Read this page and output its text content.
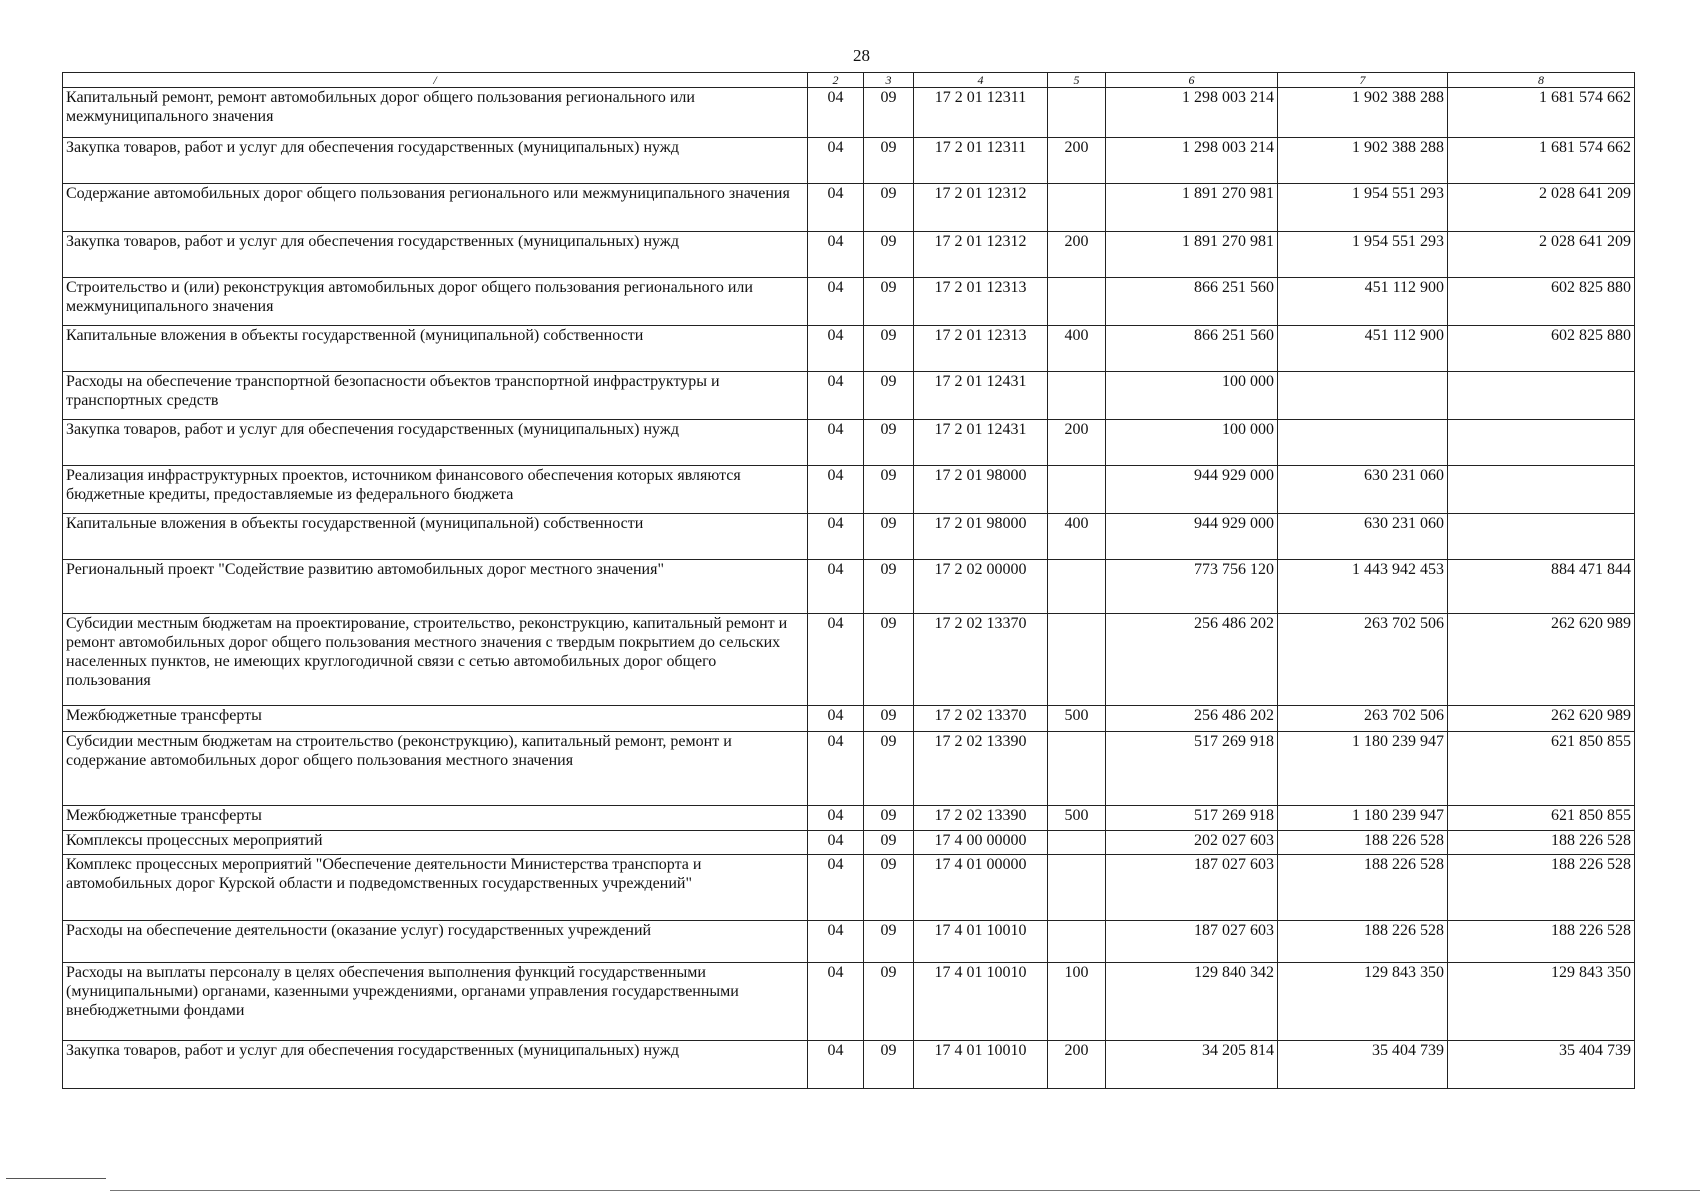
28
/	2	3	4	5	6	7	8
Капитальный ремонт, ремонт автомобильных дорог общего пользования регионального или межмуниципального значения	04	09	17 2 01 12311		1 298 003 214	1 902 388 288	1 681 574 662
Закупка товаров, работ и услуг для обеспечения государственных (муниципальных) нужд	04	09	17 2 01 12311	200	1 298 003 214	1 902 388 288	1 681 574 662
Содержание автомобильных дорог общего пользования регионального или межмуниципального значения	04	09	17 2 01 12312		1 891 270 981	1 954 551 293	2 028 641 209
Закупка товаров, работ и услуг для обеспечения государственных (муниципальных) нужд	04	09	17 2 01 12312	200	1 891 270 981	1 954 551 293	2 028 641 209
Строительство и (или) реконструкция автомобильных дорог общего пользования регионального или межмуниципального значения	04	09	17 2 01 12313		866 251 560	451 112 900	602 825 880
Капитальные вложения в объекты государственной (муниципальной) собственности	04	09	17 2 01 12313	400	866 251 560	451 112 900	602 825 880
Расходы на обеспечение транспортной безопасности объектов транспортной инфраструктуры и транспортных средств	04	09	17 2 01 12431		100 000		
Закупка товаров, работ и услуг для обеспечения государственных (муниципальных) нужд	04	09	17 2 01 12431	200	100 000		
Реализация инфраструктурных проектов, источником финансового обеспечения которых являются бюджетные кредиты, предоставляемые из федерального бюджета	04	09	17 2 01 98000		944 929 000	630 231 060	
Капитальные вложения в объекты государственной (муниципальной) собственности	04	09	17 2 01 98000	400	944 929 000	630 231 060	
Региональный проект "Содействие развитию автомобильных дорог местного значения"	04	09	17 2 02 00000		773 756 120	1 443 942 453	884 471 844
Субсидии местным бюджетам на проектирование, строительство, реконструкцию, капитальный ремонт и ремонт автомобильных дорог общего пользования местного значения с твердым покрытием до сельских населенных пунктов, не имеющих круглогодичной связи с сетью автомобильных дорог общего пользования	04	09	17 2 02 13370		256 486 202	263 702 506	262 620 989
Межбюджетные трансферты	04	09	17 2 02 13370	500	256 486 202	263 702 506	262 620 989
Субсидии местным бюджетам на строительство (реконструкцию), капитальный ремонт, ремонт и содержание автомобильных дорог общего пользования местного значения	04	09	17 2 02 13390		517 269 918	1 180 239 947	621 850 855
Межбюджетные трансферты	04	09	17 2 02 13390	500	517 269 918	1 180 239 947	621 850 855
Комплексы процессных мероприятий	04	09	17 4 00 00000		202 027 603	188 226 528	188 226 528
Комплекс процессных мероприятий "Обеспечение деятельности Министерства транспорта и автомобильных дорог Курской области и подведомственных государственных учреждений"	04	09	17 4 01 00000		187 027 603	188 226 528	188 226 528
Расходы на обеспечение деятельности (оказание услуг) государственных учреждений	04	09	17 4 01 10010		187 027 603	188 226 528	188 226 528
Расходы на выплаты персоналу в целях обеспечения выполнения функций государственными (муниципальными) органами, казенными учреждениями, органами управления государственными внебюджетными фондами	04	09	17 4 01 10010	100	129 840 342	129 843 350	129 843 350
Закупка товаров, работ и услуг для обеспечения государственных (муниципальных) нужд	04	09	17 4 01 10010	200	34 205 814	35 404 739	35 404 739
